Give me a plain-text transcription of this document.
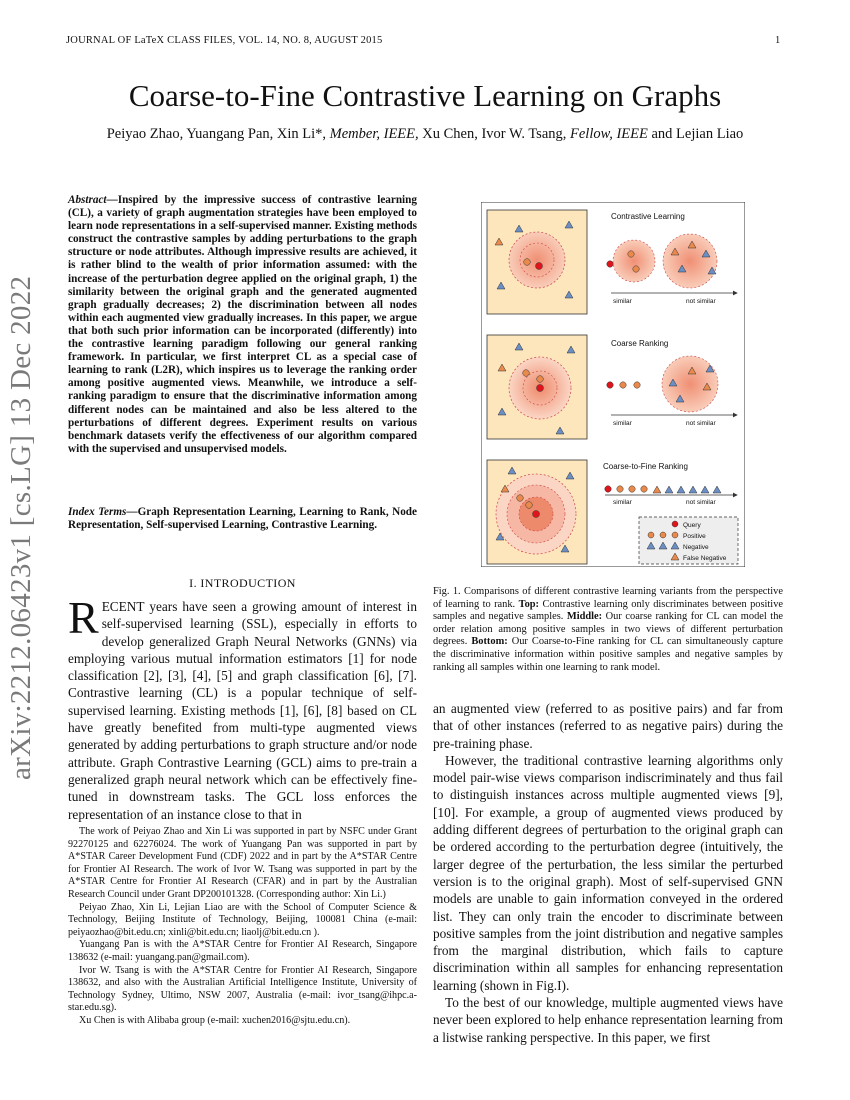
JOURNAL OF LaTeX CLASS FILES, VOL. 14, NO. 8, AUGUST 2015	1
arXiv:2212.06423v1 [cs.LG] 13 Dec 2022
Coarse-to-Fine Contrastive Learning on Graphs
Peiyao Zhao, Yuangang Pan, Xin Li*, Member, IEEE, Xu Chen, Ivor W. Tsang, Fellow, IEEE and Lejian Liao
Abstract—Inspired by the impressive success of contrastive learning (CL), a variety of graph augmentation strategies have been employed to learn node representations in a self-supervised manner. Existing methods construct the contrastive samples by adding perturbations to the graph structure or node attributes. Although impressive results are achieved, it is rather blind to the wealth of prior information assumed: with the increase of the perturbation degree applied on the original graph, 1) the similarity between the original graph and the generated augmented graph gradually decreases; 2) the discrimination between all nodes within each augmented view gradually increases. In this paper, we argue that both such prior information can be incorporated (differently) into the contrastive learning paradigm following our general ranking framework. In particular, we first interpret CL as a special case of learning to rank (L2R), which inspires us to leverage the ranking order among positive augmented views. Meanwhile, we introduce a self-ranking paradigm to ensure that the discriminative information among different nodes can be maintained and also be less altered to the perturbations of different degrees. Experiment results on various benchmark datasets verify the effectiveness of our algorithm compared with the supervised and unsupervised models.
Index Terms—Graph Representation Learning, Learning to Rank, Node Representation, Self-supervised Learning, Contrastive Learning.
I. INTRODUCTION
RECENT years have seen a growing amount of interest in self-supervised learning (SSL), especially in efforts to develop generalized Graph Neural Networks (GNNs) via employing various mutual information estimators [1] for node classification [2], [3], [4], [5] and graph classification [6], [7]. Contrastive learning (CL) is a popular technique of self-supervised learning. Existing methods [1], [6], [8] based on CL have greatly benefited from multi-type augmented views generated by adding perturbations to graph structure and/or node attribute. Graph Contrastive Learning (GCL) aims to pre-train a generalized graph neural network which can be effectively fine-tuned in downstream tasks. The GCL loss enforces the representation of an instance close to that in

The work of Peiyao Zhao and Xin Li was supported in part by NSFC under Grant 92270125 and 62276024. The work of Yuangang Pan was supported in part by A*STAR Career Development Fund (CDF) 2022 and in part by the A*STAR Centre for Frontier AI Research. The work of Ivor W. Tsang was supported in part by the A*STAR Centre for Frontier AI Research (CFAR) and in part by the Australian Research Council under Grant DP200101328. (Corresponding author: Xin Li.)

Peiyao Zhao, Xin Li, Lejian Liao are with the School of Computer Science & Technology, Beijing Institute of Technology, Beijing, 100081 China (e-mail: peiyaozhao@bit.edu.cn; xinli@bit.edu.cn; liaolj@bit.edu.cn ).

Yuangang Pan is with the A*STAR Centre for Frontier AI Research, Singapore 138632 (e-mail: yuangang.pan@gmail.com).

Ivor W. Tsang is with the A*STAR Centre for Frontier AI Research, Singapore 138632, and also with the Australian Artificial Intelligence Institute, University of Technology Sydney, Ultimo, NSW 2007, Australia (e-mail: ivor_tsang@ihpc.a-star.edu.sg).

Xu Chen is with Alibaba group (e-mail: xuchen2016@sjtu.edu.cn).

Contrastive Learning
similar	not similar
Coarse Ranking
similar	not similar
Coarse-to-Fine Ranking
similar	not similar
Query
Positive
Negative
False Negative
Fig. 1. Comparisons of different contrastive learning variants from the perspective of learning to rank. Top: Contrastive learning only discriminates between positive samples and negative samples. Middle: Our coarse ranking for CL can model the order relation among positive samples in two views of different perturbation degrees. Bottom: Our Coarse-to-Fine ranking for CL can simultaneously capture the discriminative information within positive samples and negative samples by ranking all samples within one learning to rank model.

an augmented view (referred to as positive pairs) and far from that of other instances (referred to as negative pairs) during the pre-training phase.

However, the traditional contrastive learning algorithms only model pair-wise views comparison indiscriminately and thus fail to distinguish instances across multiple augmented views [9], [10]. For example, a group of augmented views produced by adding different degrees of perturbation to the original graph can be ordered according to the perturbation degree (intuitively, the larger degree of the perturbation, the less similar the perturbed version is to the original graph). Most of self-supervised GNN models are unable to gain information conveyed in the ordered list. They can only train the encoder to discriminate between positive samples from the joint distribution and negative samples from the marginal distribution, which fails to capture discrimination within all samples for enhancing representation learning (shown in Fig.I).

To the best of our knowledge, multiple augmented views have never been explored to help enhance representation learning from a listwise ranking perspective. In this paper, we first
